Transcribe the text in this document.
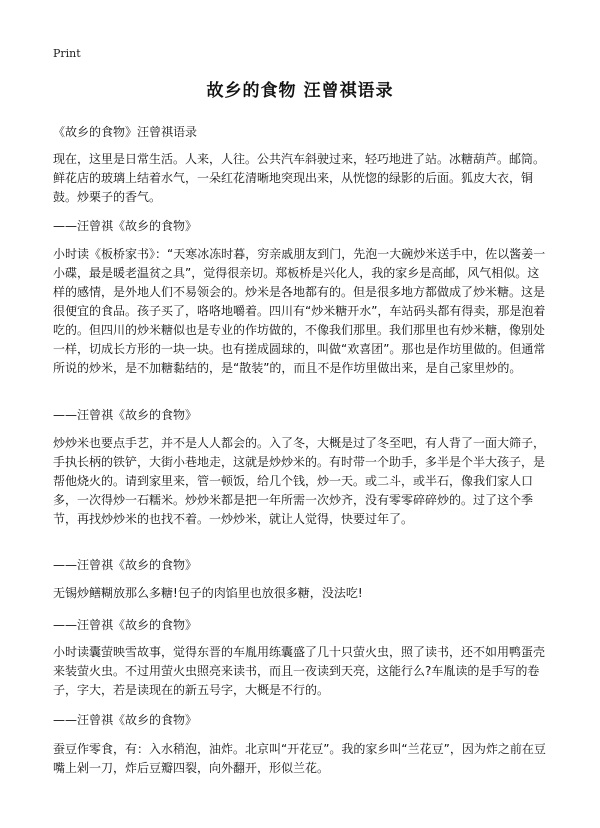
Print
故乡的食物 汪曾祺语录
《故乡的食物》汪曾祺语录

现在，这里是日常生活。人来，人往。公共汽车斜驶过来，轻巧地进了站。冰糖葫芦。邮筒。鲜花店的玻璃上结着水气，一朵红花清晰地突现出来，从恍惚的绿影的后面。狐皮大衣，铜鼓。炒栗子的香气。

——汪曾祺《故乡的食物》

小时读《板桥家书》：“天寒冰冻时暮，穷亲戚朋友到门，先泡一大碗炒米送手中，佐以酱姜一小碟，最是暖老温贫之具”，觉得很亲切。郑板桥是兴化人，我的家乡是高邮，风气相似。这样的感情，是外地人们不易领会的。炒米是各地都有的。但是很多地方都做成了炒米糖。这是很便宜的食品。孩子买了，咯咯地嚼着。四川有“炒米糖开水”，车站码头都有得卖，那是泡着吃的。但四川的炒米糖似也是专业的作坊做的，不像我们那里。我们那里也有炒米糖，像别处一样，切成长方形的一块一块。也有搓成圆球的，叫做“欢喜团”。那也是作坊里做的。但通常所说的炒米，是不加糖黏结的，是“散装”的，而且不是作坊里做出来，是自己家里炒的。

——汪曾祺《故乡的食物》

炒炒米也要点手艺，并不是人人都会的。入了冬，大概是过了冬至吧，有人背了一面大筛子，手执长柄的铁铲，大街小巷地走，这就是炒炒米的。有时带一个助手，多半是个半大孩子，是帮他烧火的。请到家里来，管一顿饭，给几个钱，炒一天。或二斗，或半石，像我们家人口多，一次得炒一石糯米。炒炒米都是把一年所需一次炒齐，没有零零碎碎炒的。过了这个季节，再找炒炒米的也找不着。一炒炒米，就让人觉得，快要过年了。

——汪曾祺《故乡的食物》

无锡炒鳝糊放那么多糖!包子的肉馅里也放很多糖，没法吃!

——汪曾祺《故乡的食物》

小时读囊萤映雪故事，觉得东晋的车胤用练囊盛了几十只萤火虫，照了读书，还不如用鸭蛋壳来装萤火虫。不过用萤火虫照亮来读书，而且一夜读到天亮，这能行么?车胤读的是手写的卷子，字大，若是读现在的新五号字，大概是不行的。

——汪曾祺《故乡的食物》

蚕豆作零食，有：入水稍泡，油炸。北京叫“开花豆”。我的家乡叫“兰花豆”，因为炸之前在豆嘴上剁一刀，炸后豆瓣四裂，向外翻开，形似兰花。
